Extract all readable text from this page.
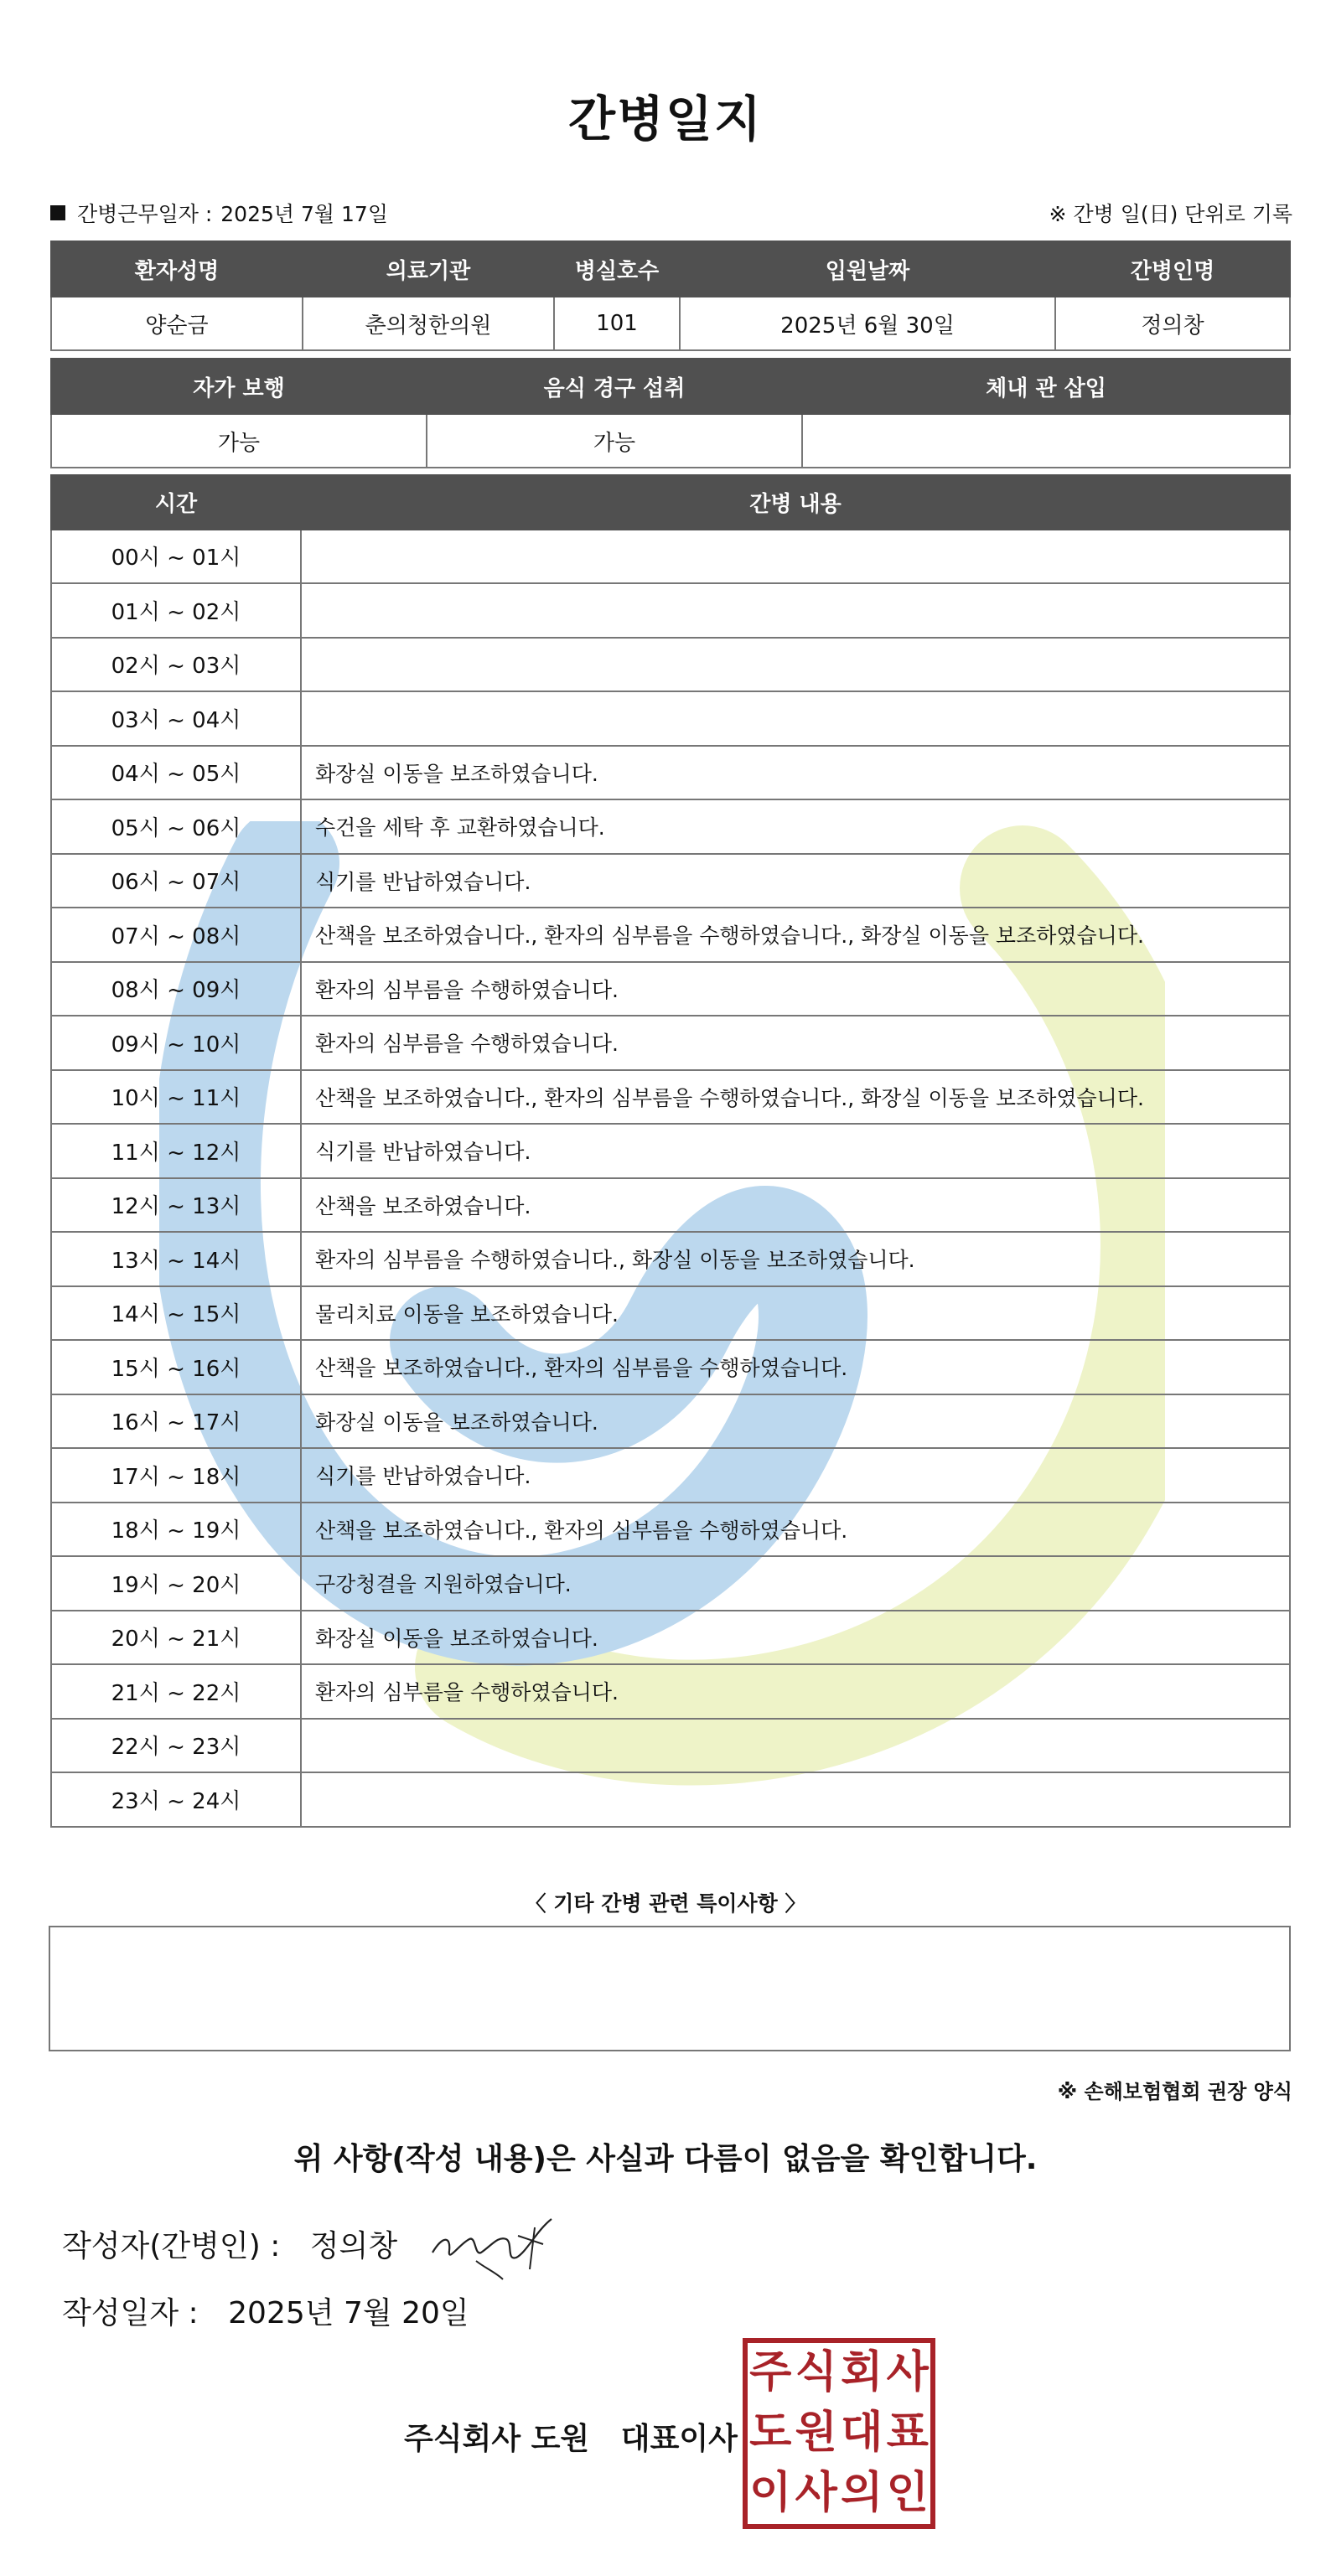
간병일지
간병근무일자 : 2025년 7월 17일	※ 간병 일(日) 단위로 기록
환자성명	의료기관	병실호수	입원날짜	간병인명
양순금	춘의청한의원	101	2025년 6월 30일	정의창
자가 보행	음식 경구 섭취	체내 관 삽입
가능	가능	
시간	간병 내용
00시 ~ 01시	
01시 ~ 02시	
02시 ~ 03시	
03시 ~ 04시	
04시 ~ 05시	화장실 이동을 보조하였습니다.
05시 ~ 06시	수건을 세탁 후 교환하였습니다.
06시 ~ 07시	식기를 반납하였습니다.
07시 ~ 08시	산책을 보조하였습니다., 환자의 심부름을 수행하였습니다., 화장실 이동을 보조하였습니다.
08시 ~ 09시	환자의 심부름을 수행하였습니다.
09시 ~ 10시	환자의 심부름을 수행하였습니다.
10시 ~ 11시	산책을 보조하였습니다., 환자의 심부름을 수행하였습니다., 화장실 이동을 보조하였습니다.
11시 ~ 12시	식기를 반납하였습니다.
12시 ~ 13시	산책을 보조하였습니다.
13시 ~ 14시	환자의 심부름을 수행하였습니다., 화장실 이동을 보조하였습니다.
14시 ~ 15시	물리치료 이동을 보조하였습니다.
15시 ~ 16시	산책을 보조하였습니다., 환자의 심부름을 수행하였습니다.
16시 ~ 17시	화장실 이동을 보조하였습니다.
17시 ~ 18시	식기를 반납하였습니다.
18시 ~ 19시	산책을 보조하였습니다., 환자의 심부름을 수행하였습니다.
19시 ~ 20시	구강청결을 지원하였습니다.
20시 ~ 21시	화장실 이동을 보조하였습니다.
21시 ~ 22시	환자의 심부름을 수행하였습니다.
22시 ~ 23시	
23시 ~ 24시	
〈 기타 간병 관련 특이사항 〉
※ 손해보험협회 권장 양식
위 사항(작성 내용)은 사실과 다름이 없음을 확인합니다.
작성자(간병인) : 정의창
작성일자 : 2025년 7월 20일
주식회사 도원   대표이사
주 식 회 사
도 원 대 표
이 사 의 인
